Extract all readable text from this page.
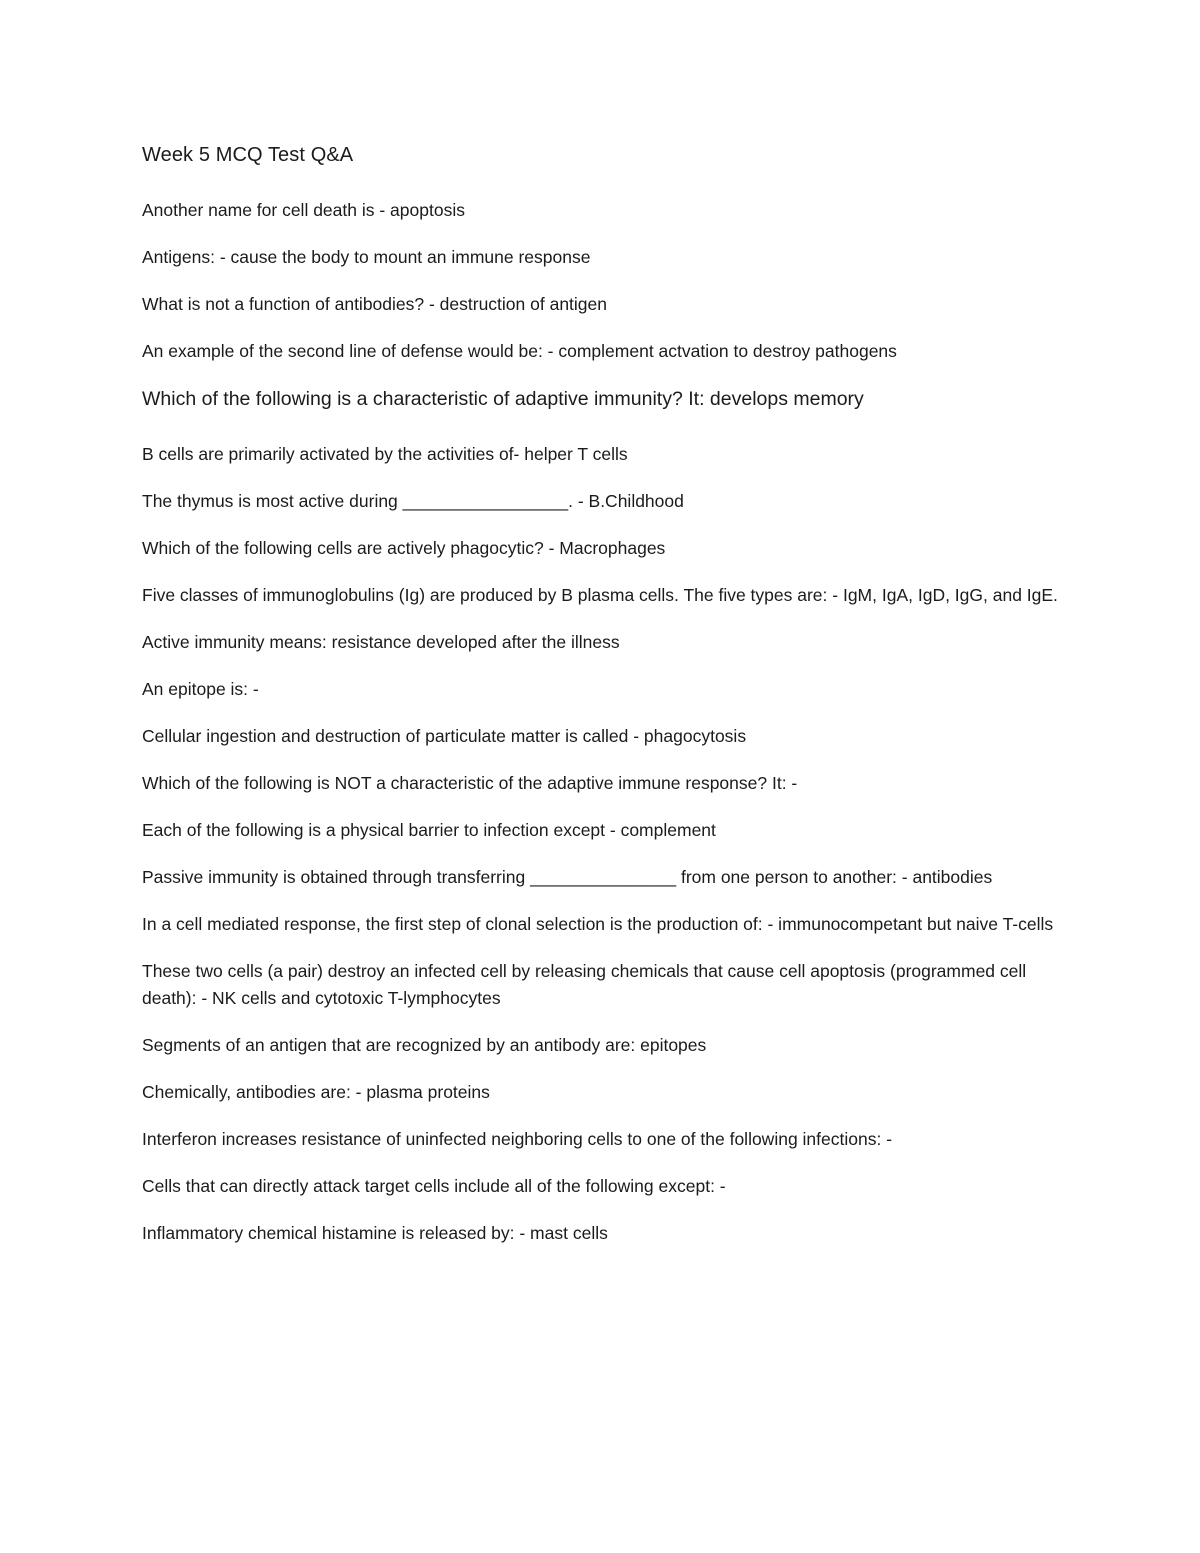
Week 5 MCQ Test Q&A

Another name for cell death is - apoptosis

Antigens: - cause the body to mount an immune response

What is not a function of antibodies? - destruction of antigen

An example of the second line of defense would be: - complement actvation to destroy pathogens

Which of the following is a characteristic of adaptive immunity? It: develops memory

B cells are primarily activated by the activities of- helper T cells

The thymus is most active during _________________. - B.Childhood

Which of the following cells are actively phagocytic? - Macrophages

Five classes of immunoglobulins (Ig) are produced by B plasma cells. The five types are: - IgM, IgA, IgD, IgG, and IgE.

Active immunity means: resistance developed after the illness

An epitope is: -

Cellular ingestion and destruction of particulate matter is called - phagocytosis

Which of the following is NOT a characteristic of the adaptive immune response? It: -

Each of the following is a physical barrier to infection except - complement

Passive immunity is obtained through transferring _______________ from one person to another: - antibodies

In a cell mediated response, the first step of clonal selection is the production of: - immunocompetant but naive T-cells

These two cells (a pair) destroy an infected cell by releasing chemicals that cause cell apoptosis (programmed cell death): - NK cells and cytotoxic T-lymphocytes

Segments of an antigen that are recognized by an antibody are: epitopes

Chemically, antibodies are: - plasma proteins

Interferon increases resistance of uninfected neighboring cells to one of the following infections: -

Cells that can directly attack target cells include all of the following except: -

Inflammatory chemical histamine is released by: - mast cells
